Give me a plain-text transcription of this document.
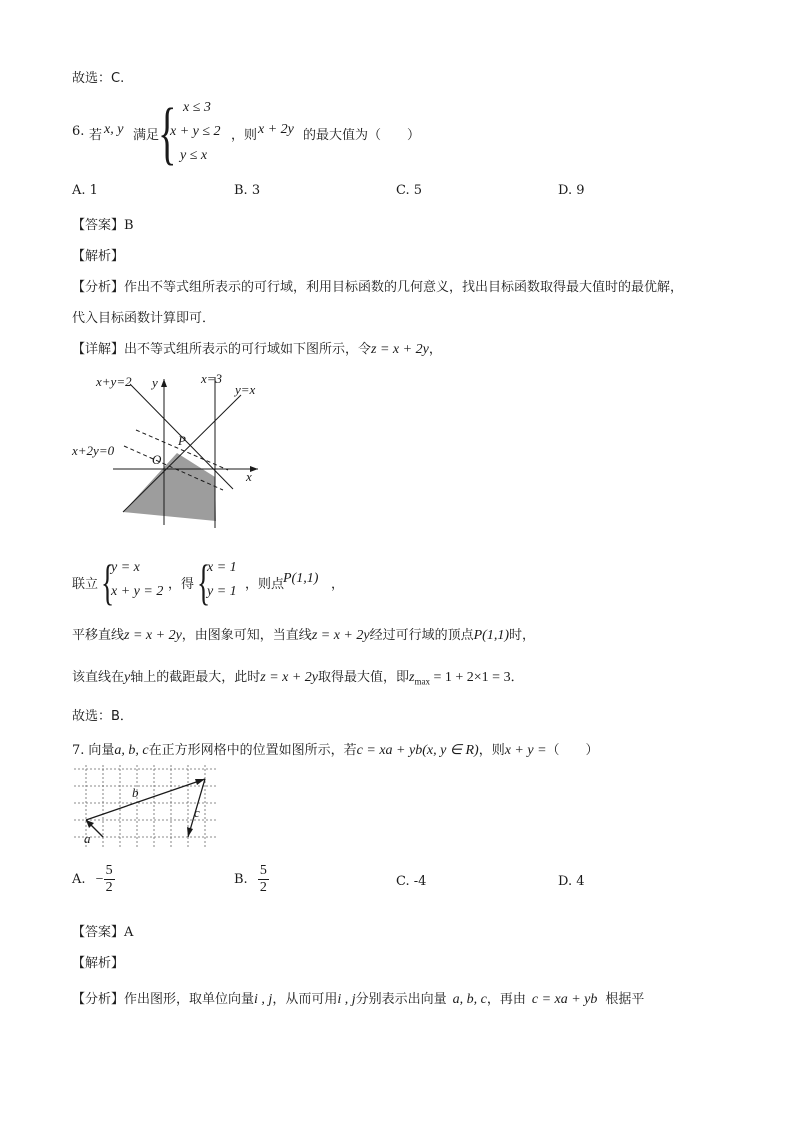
故选：C.
6. 若 x, y 满足
{ x ≤ 3
x + y ≤ 2
y ≤ x
，则 x + 2y 的最大值为（　　）
A. 1	B. 3	C. 5	D. 9
【答案】B
【解析】
【分析】作出不等式组所表示的可行域，利用目标函数的几何意义，找出目标函数取得最大值时的最优解，
代入目标函数计算即可．
【详解】出不等式组所表示的可行域如下图所示，令z = x + 2y，
x+y=2 y	x=3
y=x
P
x+2y=0
O
x
联立 {
y = x
x + y = 2 ，得 {
x = 1
y = 1 ，则点
P(1,1) ，
平移直线z = x + 2y，由图象可知，当直线z = x + 2y经过可行域的顶点P(1,1)时，
该直线在y轴上的截距最大，此时z = x + 2y取得最大值，即$z_{max} = 1 + 2\times 1 = 3$．
故选：B．
7. 向量a, b, c在正方形网格中的位置如图所示，若c = xa + yb(x, y ∈ R)，则x + y =（　　）
b
c
a
A. − $\frac{5}{2}$	B. $\frac{5}{2}$	C. -4	D. 4
【答案】A
【解析】
【分析】作出图形，取单位向量i , j，从而可用i , j分别表示出向量 a, b, c，再由 c = xa + yb 根据平
